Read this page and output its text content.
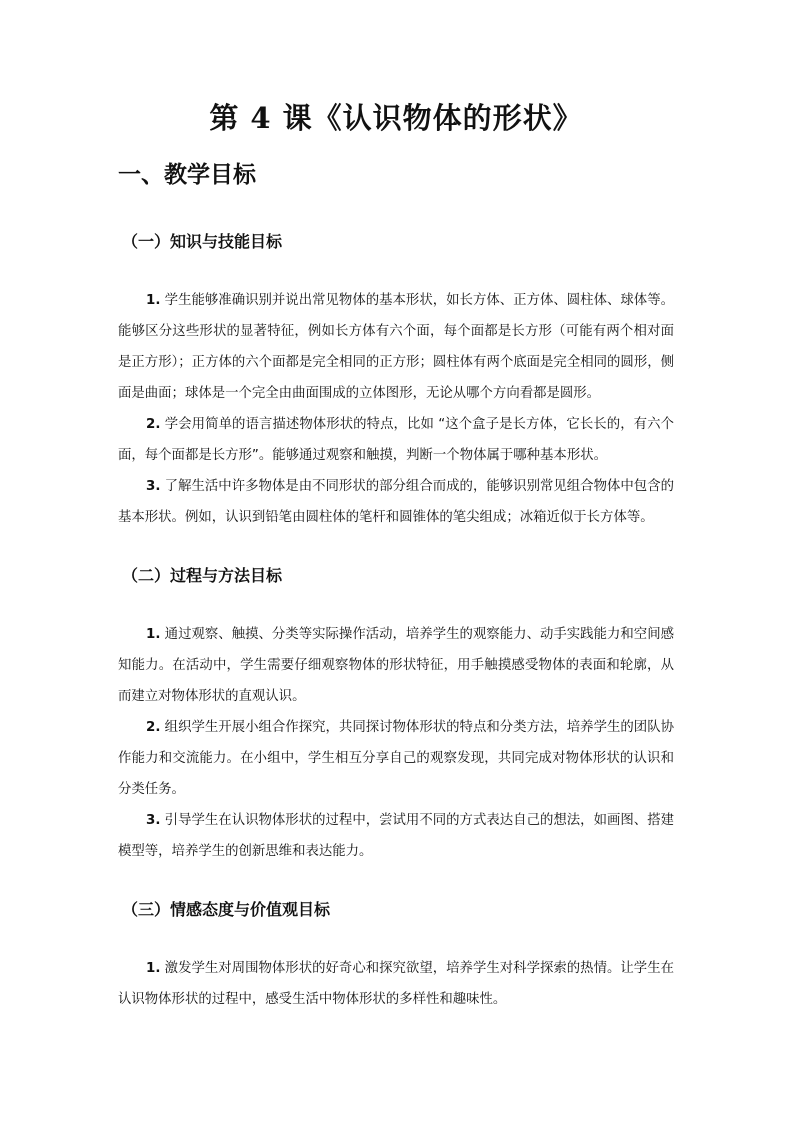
第 4 课《认识物体的形状》
一、教学目标
（一）知识与技能目标

1. 学生能够准确识别并说出常见物体的基本形状，如长方体、正方体、圆柱体、球体等。能够区分这些形状的显著特征，例如长方体有六个面，每个面都是长方形（可能有两个相对面是正方形）；正方体的六个面都是完全相同的正方形；圆柱体有两个底面是完全相同的圆形，侧面是曲面；球体是一个完全由曲面围成的立体图形，无论从哪个方向看都是圆形。

2. 学会用简单的语言描述物体形状的特点，比如 “这个盒子是长方体，它长长的，有六个面，每个面都是长方形”。能够通过观察和触摸，判断一个物体属于哪种基本形状。

3. 了解生活中许多物体是由不同形状的部分组合而成的，能够识别常见组合物体中包含的基本形状。例如，认识到铅笔由圆柱体的笔杆和圆锥体的笔尖组成；冰箱近似于长方体等。

（二）过程与方法目标

1. 通过观察、触摸、分类等实际操作活动，培养学生的观察能力、动手实践能力和空间感知能力。在活动中，学生需要仔细观察物体的形状特征，用手触摸感受物体的表面和轮廓，从而建立对物体形状的直观认识。

2. 组织学生开展小组合作探究，共同探讨物体形状的特点和分类方法，培养学生的团队协作能力和交流能力。在小组中，学生相互分享自己的观察发现，共同完成对物体形状的认识和分类任务。

3. 引导学生在认识物体形状的过程中，尝试用不同的方式表达自己的想法，如画图、搭建模型等，培养学生的创新思维和表达能力。

（三）情感态度与价值观目标

1. 激发学生对周围物体形状的好奇心和探究欲望，培养学生对科学探索的热情。让学生在认识物体形状的过程中，感受生活中物体形状的多样性和趣味性。
